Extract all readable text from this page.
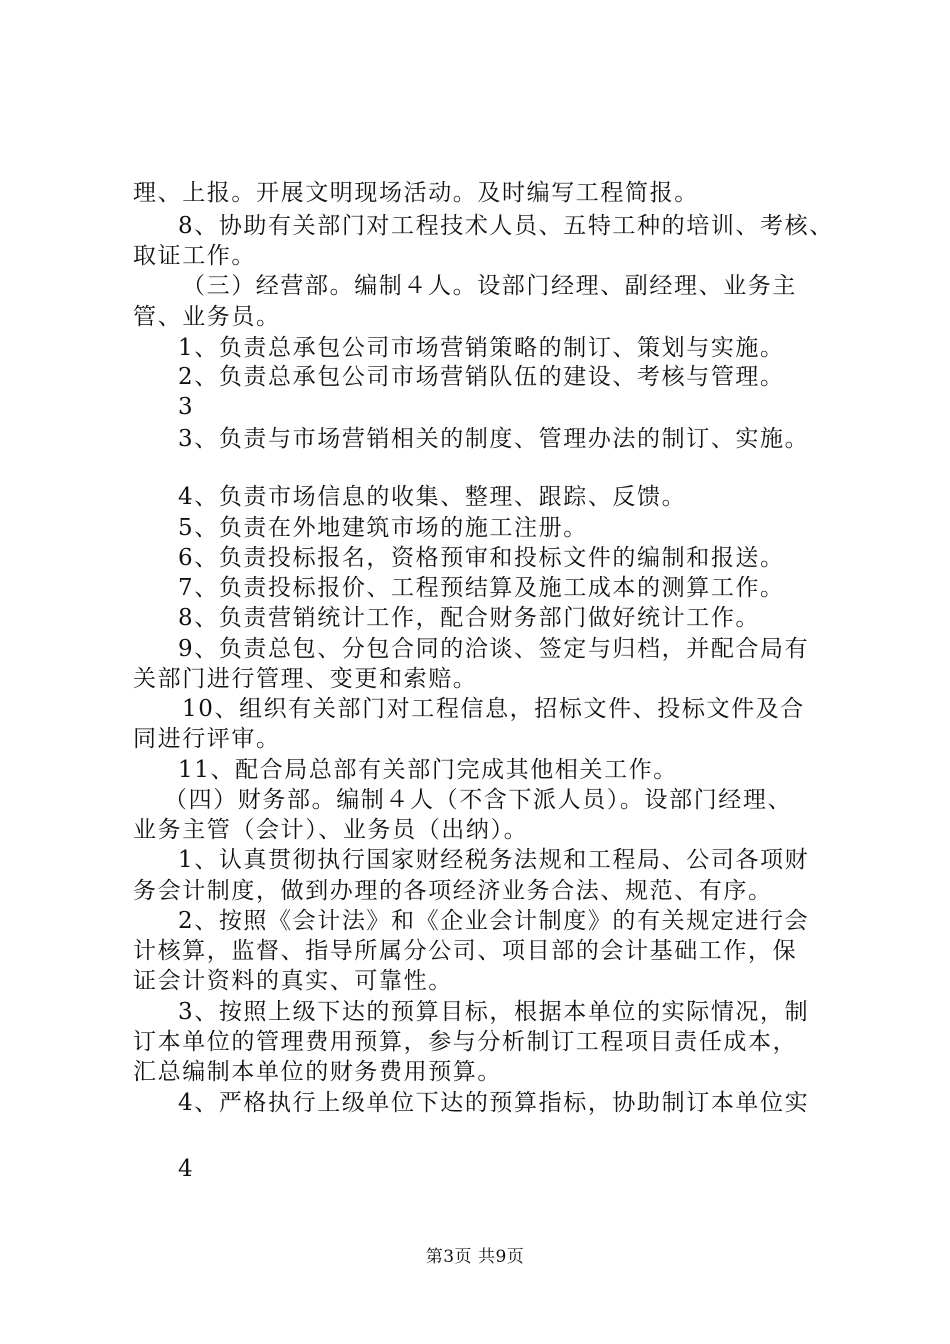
理、上报。开展文明现场活动。及时编写工程简报。
8、协助有关部门对工程技术人员、五特工种的培训、考核、
取证工作。
（三）经营部。编制４人。设部门经理、副经理、业务主
管、业务员。
1、负责总承包公司市场营销策略的制订、策划与实施。
2、负责总承包公司市场营销队伍的建设、考核与管理。
3
3、负责与市场营销相关的制度、管理办法的制订、实施。
4、负责市场信息的收集、整理、跟踪、反馈。
5、负责在外地建筑市场的施工注册。
6、负责投标报名，资格预审和投标文件的编制和报送。
7、负责投标报价、工程预结算及施工成本的测算工作。
8、负责营销统计工作，配合财务部门做好统计工作。
9、负责总包、分包合同的洽谈、签定与归档，并配合局有
关部门进行管理、变更和索赔。
10、组织有关部门对工程信息，招标文件、投标文件及合
同进行评审。
11、配合局总部有关部门完成其他相关工作。
（四）财务部。编制４人（不含下派人员）。设部门经理、
业务主管（会计）、业务员（出纳）。
1、认真贯彻执行国家财经税务法规和工程局、公司各项财
务会计制度，做到办理的各项经济业务合法、规范、有序。
2、按照《会计法》和《企业会计制度》的有关规定进行会
计核算，监督、指导所属分公司、项目部的会计基础工作，保
证会计资料的真实、可靠性。
3、按照上级下达的预算目标，根据本单位的实际情况，制
订本单位的管理费用预算，参与分析制订工程项目责任成本，
汇总编制本单位的财务费用预算。
4、严格执行上级单位下达的预算指标，协助制订本单位实
4
第3页 共9页
